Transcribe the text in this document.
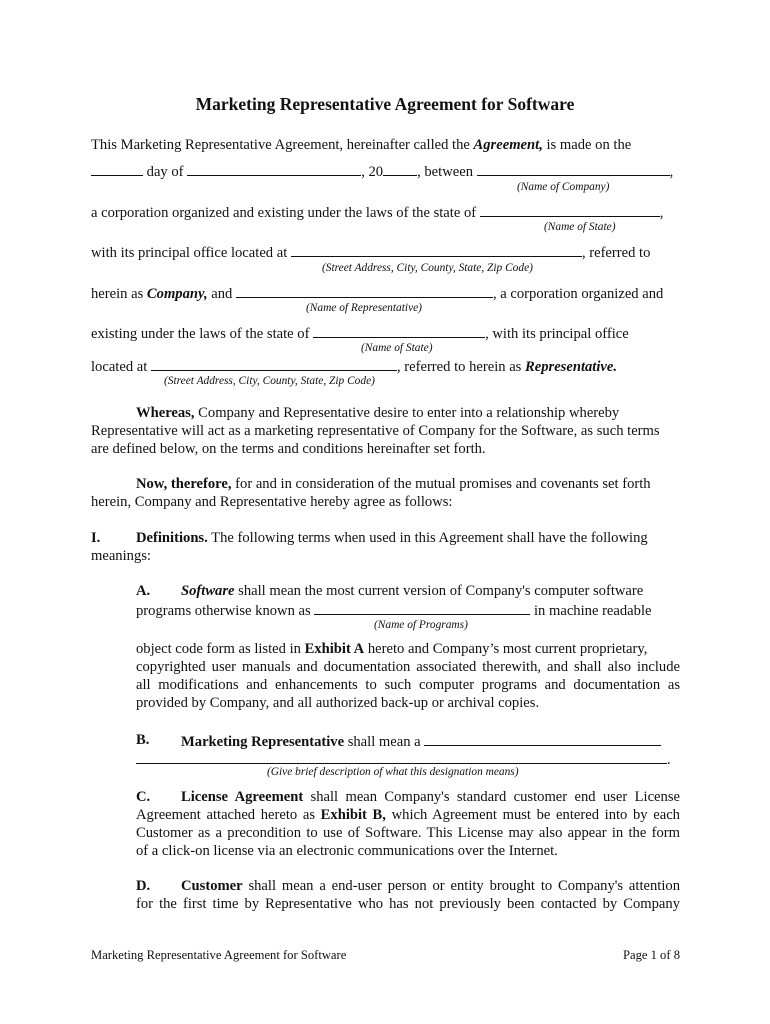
Marketing Representative Agreement for Software
This Marketing Representative Agreement, hereinafter called the Agreement, is made on the
day of	, 20 , between	,
(Name of Company)
a corporation organized and existing under the laws of the state of	,
(Name of State)
with its principal office located at	, referred to
(Street Address, City, County, State, Zip Code)
herein as Company, and	, a corporation organized and
(Name of Representative)
existing under the laws of the state of	, with its principal office
(Name of State)
located at	, referred to herein as Representative.
(Street Address, City, County, State, Zip Code)
Whereas, Company and Representative desire to enter into a relationship whereby
Representative will act as a marketing representative of Company for the Software, as such terms
are defined below, on the terms and conditions hereinafter set forth.
Now, therefore, for and in consideration of the mutual promises and covenants set forth
herein, Company and Representative hereby agree as follows:
I. Definitions. The following terms when used in this Agreement shall have the following
meanings:
A. Software shall mean the most current version of Company's computer software
programs otherwise known as	in machine readable
(Name of Programs)
object code form as listed in Exhibit A hereto and Company’s most current proprietary,
copyrighted user manuals and documentation associated therewith, and shall also include
all modifications and enhancements to such computer programs and documentation as
provided by Company, and all authorized back-up or archival copies.
B. Marketing Representative shall mean a
.
(Give brief description of what this designation means)
C. License Agreement shall mean Company's standard customer end user License
Agreement attached hereto as Exhibit B, which Agreement must be entered into by each
Customer as a precondition to use of Software. This License may also appear in the form
of a click-on license via an electronic communications over the Internet.
D. Customer shall mean a end-user person or entity brought to Company's attention
for the first time by Representative who has not previously been contacted by Company
Marketing Representative Agreement for Software	Page 1 of 8
